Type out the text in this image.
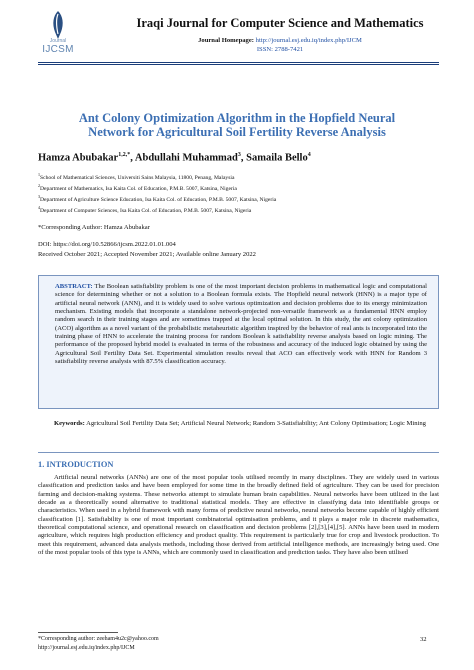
Journal
IJCSM
Iraqi Journal for Computer Science and Mathematics
Journal Homepage: http://journal.esj.edu.iq/index.php/IJCM
ISSN: 2788-7421
Ant Colony Optimization Algorithm in the Hopfield Neural
Network for Agricultural Soil Fertility Reverse Analysis
Hamza Abubakar$^{1,2,*}$, Abdullahi Muhammad$^3$, Samaila Bello$^4$
$^1$School of Mathematical Sciences, Universiti Sains Malaysia, 11800, Penang, Malaysia
$^2$Department of Mathematics, Isa Kaita Col. of Education, P.M.B. 5007, Katsina, Nigeria
$^3$Department of Agriculture Science Education, Isa Kaita Col. of Education, P.M.B. 5007, Katsina, Nigeria
$^4$Department of Computer Sciences, Isa Kaita Col. of Education, P.M.B. 5007, Katsina, Nigeria
*Corresponding Author: Hamza Abubakar
DOI: https://doi.org/10.52866/ijcsm.2022.01.01.004
Received October 2021; Accepted November 2021; Available online January 2022
ABSTRACT: The Boolean satisfiability problem is one of the most important decision problems in mathematical logic and computational science for determining whether or not a solution to a Boolean formula exists. The Hopfield neural network (HNN) is a major type of artificial neural network (ANN), and it is widely used to solve various optimization and decision problems due to its energy minimization mechanism. Existing models that incorporate a standalone network-projected non-versatile framework as a fundamental HNN employ random search in their training stages and are sometimes trapped at the local optimal solution. In this study, the ant colony optimization (ACO) algorithm as a novel variant of the probabilistic metaheuristic algorithm inspired by the behavior of real ants is incorporated into the training phase of HNN to accelerate the training process for random Boolean k satisfiability reverse analysis based on logic mining. The performance of the proposed hybrid model is evaluated in terms of the robustness and accuracy of the induced logic obtained by using the Agricultural Soil Fertility Data Set. Experimental simulation results reveal that ACO can effectively work with HNN for Random 3 satisfiability reverse analysis with 87.5% classification accuracy.
Keywords: Agricultural Soil Fertility Data Set; Artificial Neural Network; Random 3-Satisfiability; Ant Colony Optimisation; Logic Mining
1. INTRODUCTION
Artificial neural networks (ANNs) are one of the most popular tools utilised recently in many disciplines. They are widely used in various classification and prediction tasks and have been employed for some time in the broadly defined field of agriculture. They can be used for precision farming and decision-making systems. These networks attempt to simulate human brain capabilities. Neural networks have been utilized in the last decade as a theoretically sound alternative to traditional statistical models. They are effective in classifying data into identifiable groups or characteristics. When used in a hybrid framework with many forms of predictive neural networks, neural networks become capable of highly efficient classification [1]. Satisfiability is one of most important combinatorial optimisation problems, and it plays a major role in discrete mathematics, theoretical computational science, and operational research on classification and decision problems [2],[3],[4],[5]. ANNs have been used in modern agriculture, which requires high production efficiency and product quality. This requirement is particularly true for crop and livestock production. To meet this requirement, advanced data analysis methods, including those derived from artificial intelligence methods, are increasingly being used. One of the most popular tools of this type is ANNs, which are commonly used in classification and prediction tasks. They have also been utilised
*Corresponding author: zeeham4u2c@yahoo.com
http://journal.esj.edu.iq/index.php/IJCM
32
